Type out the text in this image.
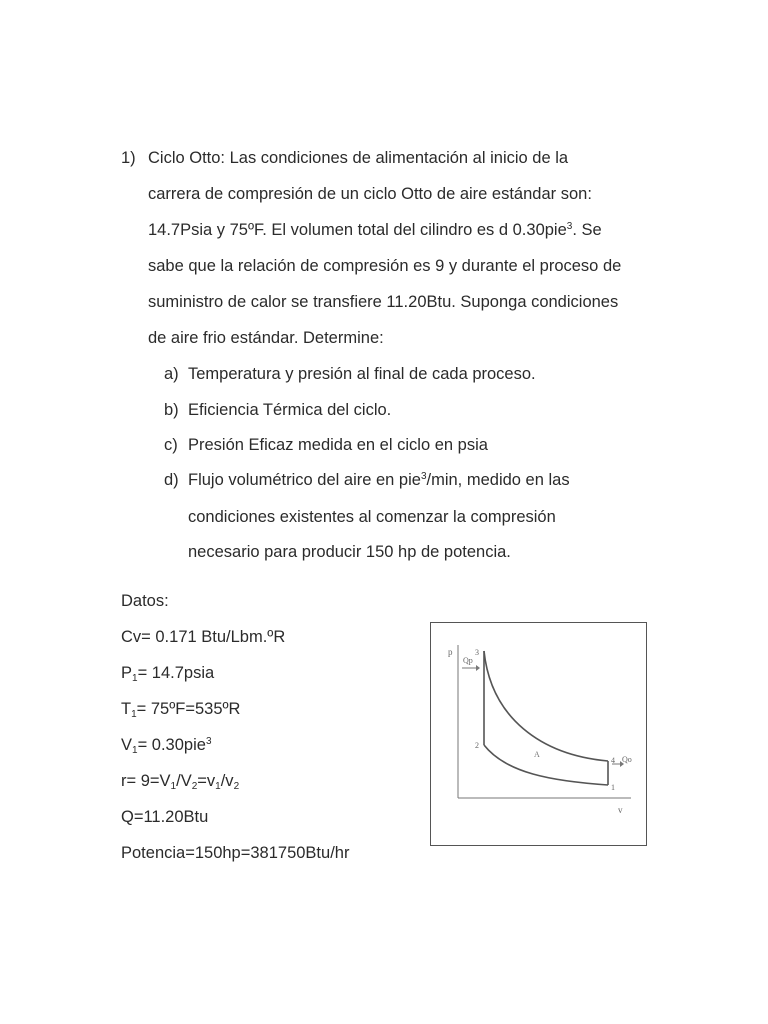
1) Ciclo Otto: Las condiciones de alimentación al inicio de la
carrera de compresión de un ciclo Otto de aire estándar son:
14.7Psia y 75ºF. El volumen total del cilindro es d 0.30pie$^3$. Se
sabe que la relación de compresión es 9 y durante el proceso de
suministro de calor se transfiere 11.20Btu. Suponga condiciones
de aire frio estándar. Determine:
a) Temperatura y presión al final de cada proceso.
b) Eficiencia Térmica del ciclo.
c) Presión Eficaz medida en el ciclo en psia
d) Flujo volumétrico del aire en pie$^3$/min, medido en las
condiciones existentes al comenzar la compresión
necesario para producir 150 hp de potencia.
Datos:
Cv= 0.171 Btu/Lbm.ºR
$P_1=$ 14.7psia
$T_1=$ 75ºF=535ºR
$V_1= 0.30pie^3$
$r= 9=V_1/V_2=v_1/v_2$
Q=11.20Btu
Potencia=150hp=381750Btu/hr
p
v
3
2
4
1
Qp
Qo
A
